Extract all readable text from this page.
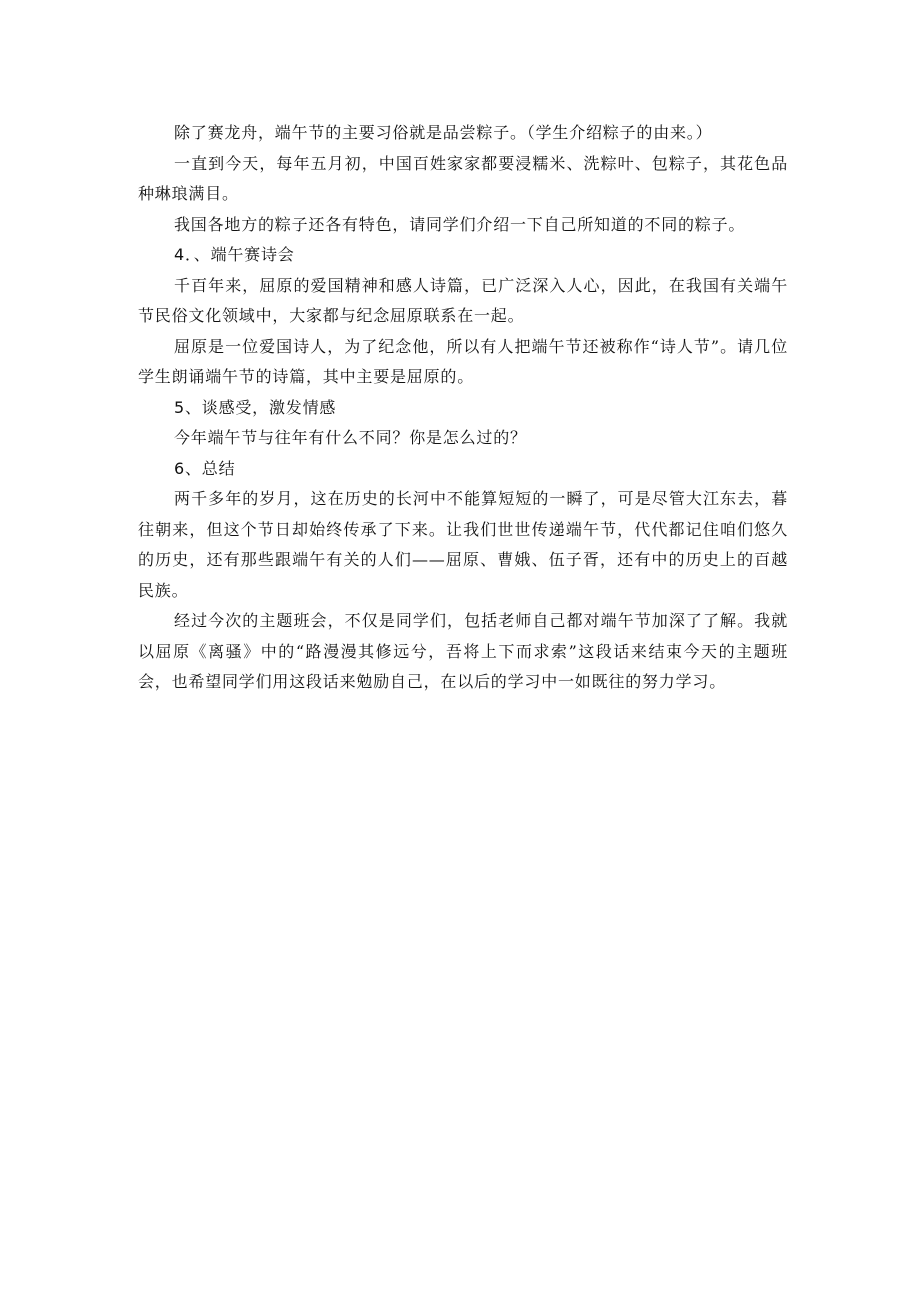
除了赛龙舟，端午节的主要习俗就是品尝粽子。（学生介绍粽子的由来。）

一直到今天，每年五月初，中国百姓家家都要浸糯米、洗粽叶、包粽子，其花色品种琳琅满目。

我国各地方的粽子还各有特色，请同学们介绍一下自己所知道的不同的粽子。

4．、端午赛诗会

千百年来，屈原的爱国精神和感人诗篇，已广泛深入人心，因此，在我国有关端午节民俗文化领域中，大家都与纪念屈原联系在一起。

屈原是一位爱国诗人，为了纪念他，所以有人把端午节还被称作“诗人节”。请几位学生朗诵端午节的诗篇，其中主要是屈原的。

5、谈感受，激发情感

今年端午节与往年有什么不同？你是怎么过的？

6、总结

两千多年的岁月，这在历史的长河中不能算短短的一瞬了，可是尽管大江东去，暮往朝来，但这个节日却始终传承了下来。让我们世世传递端午节，代代都记住咱们悠久的历史，还有那些跟端午有关的人们——屈原、曹娥、伍子胥，还有中的历史上的百越民族。

经过今次的主题班会，不仅是同学们，包括老师自己都对端午节加深了了解。我就以屈原《离骚》中的“路漫漫其修远兮，吾将上下而求索”这段话来结束今天的主题班会，也希望同学们用这段话来勉励自己，在以后的学习中一如既往的努力学习。
